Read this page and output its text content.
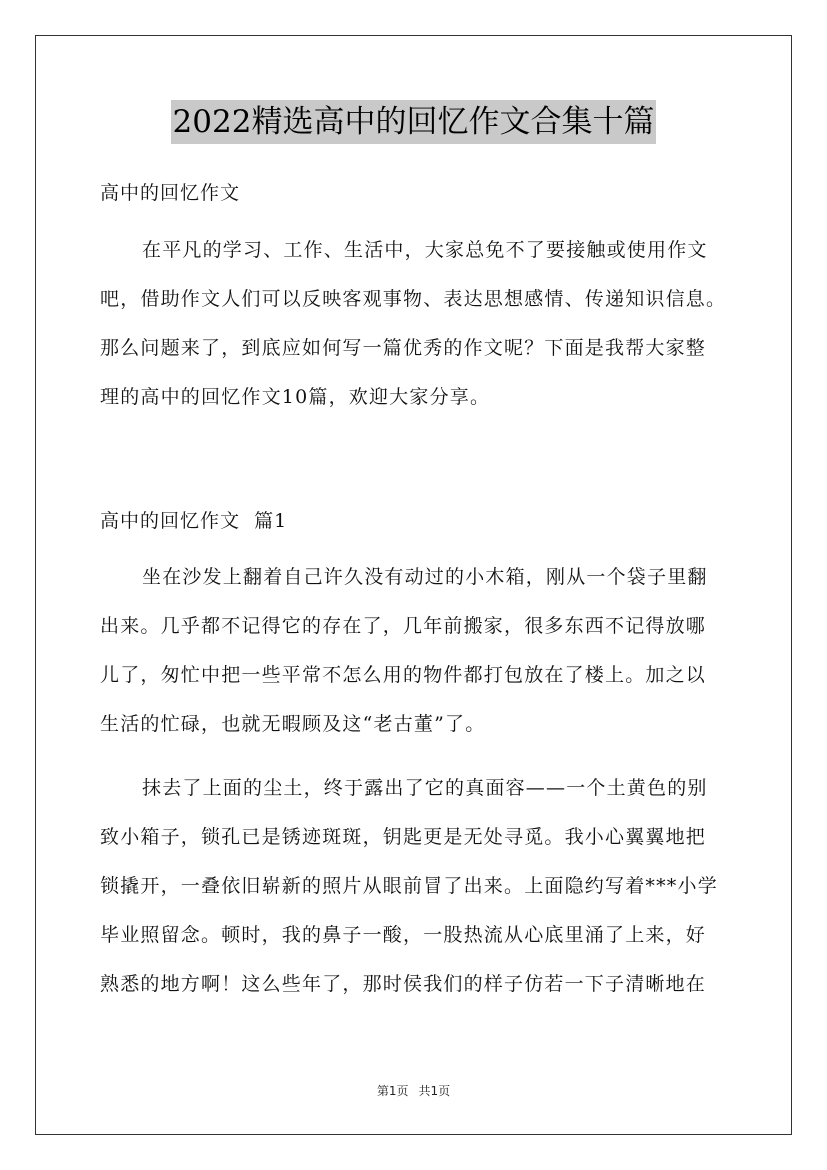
2022精选高中的回忆作文合集十篇
高中的回忆作文
在平凡的学习、工作、生活中，大家总免不了要接触或使用作文
吧，借助作文人们可以反映客观事物、表达思想感情、传递知识信息。
那么问题来了，到底应如何写一篇优秀的作文呢？下面是我帮大家整
理的高中的回忆作文10篇，欢迎大家分享。
高中的回忆作文  篇1
坐在沙发上翻着自己许久没有动过的小木箱，刚从一个袋子里翻
出来。几乎都不记得它的存在了，几年前搬家，很多东西不记得放哪
儿了，匆忙中把一些平常不怎么用的物件都打包放在了楼上。加之以
生活的忙碌，也就无暇顾及这“老古董”了。
抹去了上面的尘土，终于露出了它的真面容——一个土黄色的别
致小箱子，锁孔已是锈迹斑斑，钥匙更是无处寻觅。我小心翼翼地把
锁撬开，一叠依旧崭新的照片从眼前冒了出来。上面隐约写着***小学
毕业照留念。顿时，我的鼻子一酸，一股热流从心底里涌了上来，好
熟悉的地方啊！这么些年了，那时侯我们的样子仿若一下子清晰地在
第1页 共1页
